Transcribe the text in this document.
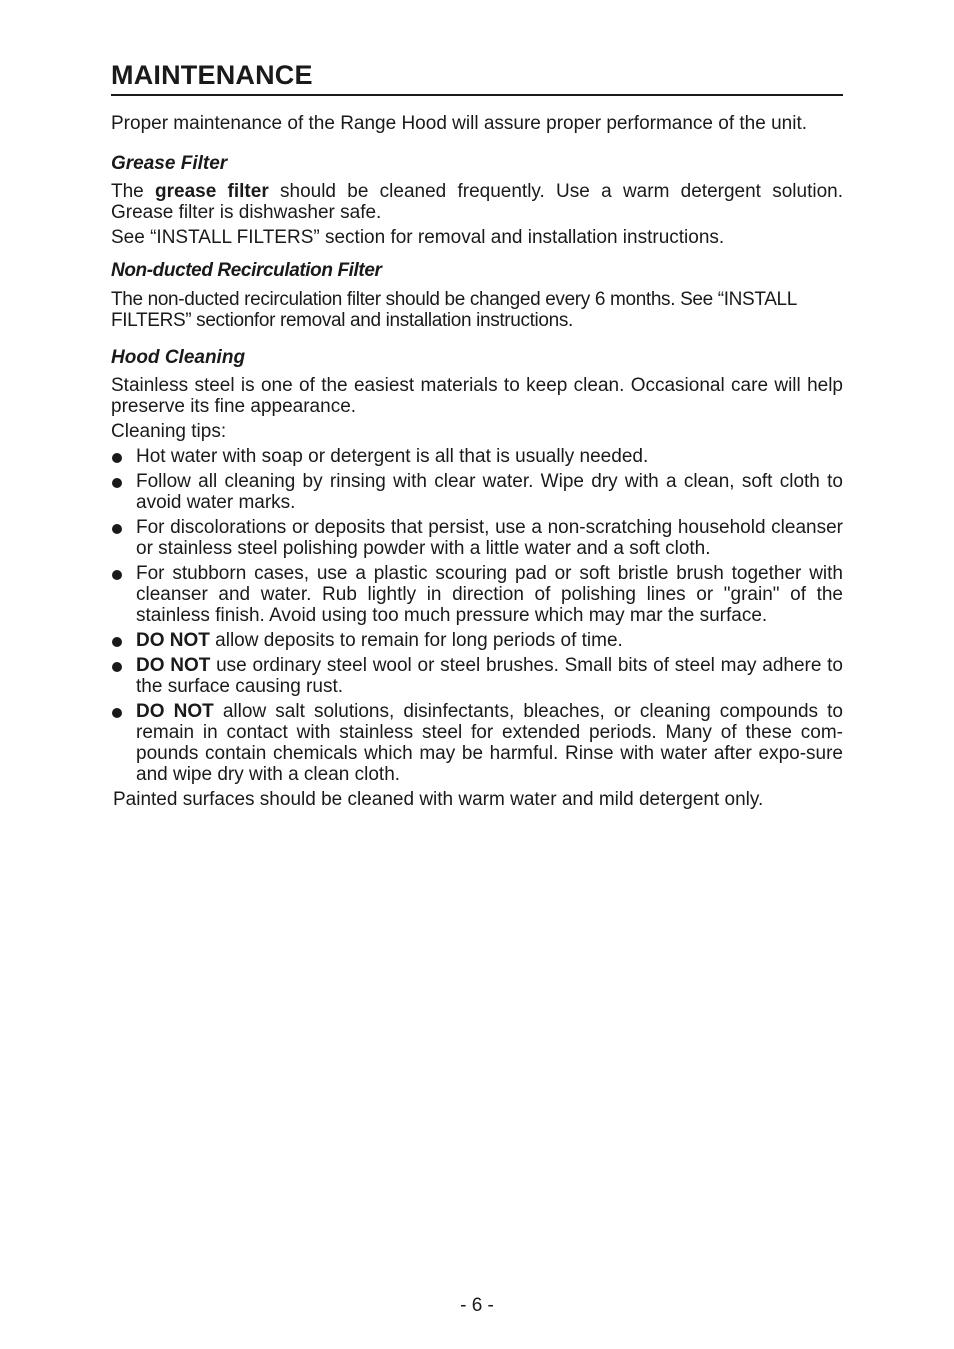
MAINTENANCE

Proper maintenance of the Range Hood will assure proper performance of the unit.

Grease Filter

The grease filter should be cleaned frequently. Use a warm detergent solution. Grease filter is dishwasher safe.

See “INSTALL FILTERS” section for removal and installation instructions.

Non-ducted Recirculation Filter

The non-ducted recirculation filter should be changed every 6 months. See “INSTALL FILTERS” sectionfor removal and installation instructions.

Hood Cleaning

Stainless steel is one of the easiest materials to keep clean. Occasional care will help preserve its fine appearance.

Cleaning tips:

Hot water with soap or detergent is all that is usually needed.
Follow all cleaning by rinsing with clear water. Wipe dry with a clean, soft cloth to avoid water marks.
For discolorations or deposits that persist, use a non-scratching household cleanser or stainless steel polishing powder with a little water and a soft cloth.
For stubborn cases, use a plastic scouring pad or soft bristle brush together with cleanser and water. Rub lightly in direction of polishing lines or "grain" of the stainless finish. Avoid using too much pressure which may mar the surface.
DO NOT allow deposits to remain for long periods of time.
DO NOT use ordinary steel wool or steel brushes. Small bits of steel may adhere to the surface causing rust.
DO NOT allow salt solutions, disinfectants, bleaches, or cleaning compounds to remain in contact with stainless steel for extended periods. Many of these com-pounds contain chemicals which may be harmful. Rinse with water after expo-sure and wipe dry with a clean cloth.

Painted surfaces should be cleaned with warm water and mild detergent only.

- 6 -
